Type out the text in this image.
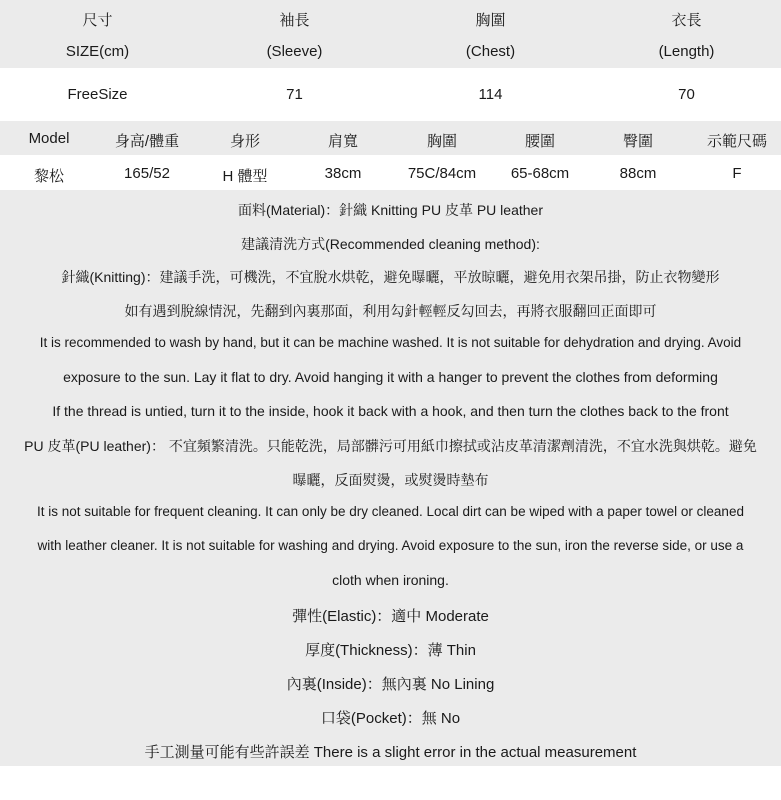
尺寸	袖長	胸圍	衣長
SIZE(cm)	(Sleeve)	(Chest)	(Length)
FreeSize	71	114	70
Model	身高/體重	身形	肩寬	胸圍	腰圍	臀圍	示範尺碼
黎松	165/52	H 體型	38cm	75C/84cm	65-68cm	88cm	F
面料(Material)：針織 Knitting PU 皮革 PU leather
建議清洗方式(Recommended cleaning method):
針織(Knitting)：建議手洗，可機洗，不宜脫水烘乾，避免曝曬，平放晾曬，避免用衣架吊掛，防止衣物變形
如有遇到脫線情況，先翻到內裏那面，利用勾針輕輕反勾回去，再將衣服翻回正面即可
It is recommended to wash by hand, but it can be machine washed. It is not suitable for dehydration and drying. Avoid
exposure to the sun. Lay it flat to dry. Avoid hanging it with a hanger to prevent the clothes from deforming
If the thread is untied, turn it to the inside, hook it back with a hook, and then turn the clothes back to the front
PU 皮革(PU leather)： 不宜頻繁清洗。只能乾洗，局部髒污可用紙巾擦拭或沾皮革清潔劑清洗，不宜水洗與烘乾。避免
曝曬，反面熨燙，或熨燙時墊布
It is not suitable for frequent cleaning. It can only be dry cleaned. Local dirt can be wiped with a paper towel or cleaned
with leather cleaner. It is not suitable for washing and drying. Avoid exposure to the sun, iron the reverse side, or use a
cloth when ironing.
彈性(Elastic)：適中 Moderate
厚度(Thickness)：薄 Thin
內裏(Inside)：無內裏 No Lining
口袋(Pocket)：無 No
手工測量可能有些許誤差 There is a slight error in the actual measurement
